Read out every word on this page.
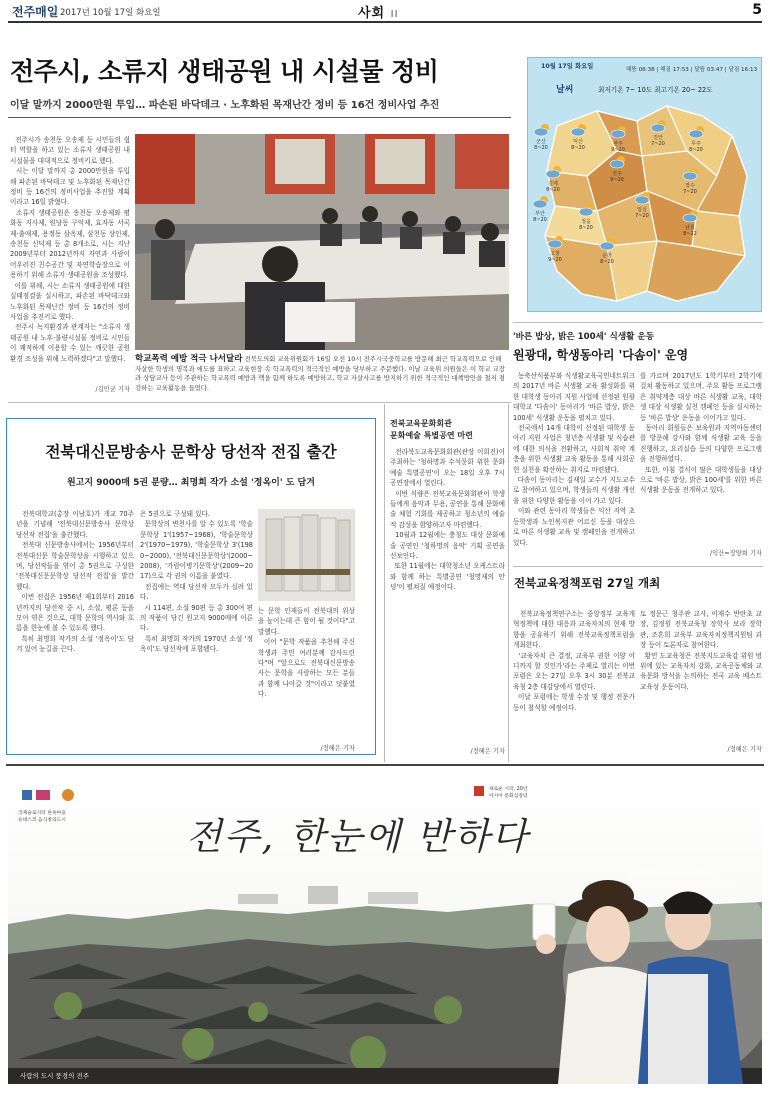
전주매일 2017년 10월 17일 화요일	사회 II	5
전주시, 소류지 생태공원 내 시설물 정비
이달 말까지 2000만원 투입… 파손된 바닥데크 · 노후화된 목재난간 정비 등 16건 정비사업 추진
전주시가 송천동 오송제 등 시민들의 쉼터 역할을 하고 있는 소류지 생태공원 내 시설물을 대대적으로 정비키로 했다.
시는 이달 말까지 총 2000만원을 투입해 파손된 바닥데크 및 노후화된 목재난간 정비 등 16건의 정비사업을 추진할 계획이라고 16일 밝혔다.
소류지 생태공원은 송천동 오송제와 평화동 지사제, 원당동 구억제, 효자동 서곡제·출애제, 용정동 삼옥제, 삼천동 상인제, 송천동 신덕제 등 총 8개소로, 시는 지난 2009년부터 2012년까지 자연과 사람이 어우러진 친수공간 및 자연학습장으로 이용하기 위해 소류지 생태공원을 조성했다.
이를 위해, 시는 소류지 생태공원에 대한 실태점검을 실시하고, 파손된 바닥데크와 노후화된 목재난간 정비 등 16건의 정비사업을 추진키로 했다.
전주시 녹지환경과 관계자는 "소류지 생태공원 내 노후·불량시설물 정비로 시민들이 쾌적하게 이용할 수 있는 깨끗한 공원환경 조성을 위해 노력하겠다"고 말했다.
/김민균 기자
학교폭력 예방 적극 나서달라 전북도의회 교육위원회가 16일 오전 10시 전주시국중학교를 방문해 최근 학교폭력으로 인해 자살한 학생의 명복과 애도를 표하고 교육현장 속 학교폭력의 적극적인 예방을 당부하고 주문했다. 이날 교육위 의원들은 이 학교 교장과 상담교사 등이 주관하는 학교폭력 예방과 맥을 함께 하도록 예방하고, 학교 자살사고를 방지하기 위한 적극적인 대책방안을 철저 점검하는 교육활동을 들었다.
10월 17일 화요일	해뜸 06:38 | 해짐 17:53 | 달뜸 03:47 | 달짐 16:13
날씨	최저기온 7~ 10도 최고기온 20~ 22도
군산
8~20
익산
8~20
완주
9~20
진안
7~20	무주
8~20
김제
8~20
전주
9~20
장수
7~20
부안
8~20	정읍
8~20
임실
7~20
남원
8~22
고창
9~20
순창
8~20
'바른 밥상, 밝은 100세' 식생활 운동
원광대, 학생동아리 '다솜이' 운영
농축산식품부와 식생활교육국민네트워크의 2017년 바른 식생활 교육 활성화를 위한 대학생 동아리 지원 사업에 선정된 원광대학교 '다솜이' 동아리가 '바른 밥상, 밝은 100세' 식생활 운동을 펼치고 있다.
전국에서 14개 대학이 선정된 대학생 동아리 지원 사업은 청년층 식생활 및 식습관에 대한 의식을 전환하고, 사회적 취약 계층을 위한 식생활 교육 활동을 통해 사회공헌 실천을 확산하는 취지로 마련됐다.
다솜이 동아리는 김재일 교수가 지도교수로 참여하고 있으며, 학생들의 식생활 개선을 위한 다양한 활동을 이어 가고 있다.
이와 관련 동아리 학생들은 익산 지역 초등학생과 노인복지관 어르신 등을 대상으로 바른 식생활 교육 및 캠페인을 전개하고 있다.
를 가르며 2017년도 1학기부터 2학기에 걸쳐 활동하고 있으며, 주요 활동 프로그램은 취약계층 대상 바른 식생활 교육, 대학생 대상 식생활 실천 캠페인 등을 실시하는 등 '바른 밥상' 운동을 이어가고 있다.
동아리 회원들은 보육원과 지역아동센터를 방문해 강사와 함께 식생활 교육 등을 진행하고, 요리실습 등의 다양한 프로그램을 진행하였다.
또한, 아침 결식이 많은 대학생들을 대상으로 '바른 밥상, 밝은 100세'를 위한 바른 식생활 운동을 전개하고 있다.
/익산=장양희 기자
전북대신문방송사 문학상 당선작 전집 출간
원고지 9000매 5권 분량… 최명희 작가 소설 '정옥이' 도 담겨
전북대학교(총장 이남호)가 개교 70주년을 기념해 '전북대신문방송사 문학상 당선작 전집'을 출간했다.
전북대 신문방송사에서는 1956년부터 전북대신문 학술문학상을 시행하고 있으며, 당선작들을 엮어 총 5권으로 구성한 '전북대신문문학상 당선작 전집'을 발간했다.
이번 전집은 1956년 제1회부터 2016년까지의 당선작 중 시, 소설, 평론 등을 모아 엮은 것으로, 대학 문학의 역사와 흐름을 한눈에 볼 수 있도록 했다.
특히 최명희 작가의 소설 '정옥이'도 담겨 있어 눈길을 끈다.
은 5권으로 구성돼 있다.
문학상의 변천사를 알 수 있도록 '학술문학상 1'(1957~1968), '학술문학상 2'(1970~1979), '학술문학상 3'(1980~2000), '전북대신문문학상'(2000~2008), '가람이병기문학상'(2009~2017)으로 각 권의 이름을 붙였다.
전집에는 역대 당선작 모두가 실려 있다.
시 114편, 소설 90편 등 총 300여 편의 작품이 담긴 원고지 9000매에 이른다.
특히 최명희 작가의 1970년 소설 '정옥이'도 당선작에 포함됐다.
는 문학 인재들이 전북대의 위상을 높이는데 큰 힘이 될 것이다"고 말했다.
이어 "문학 작품을 추천해 주신 학생과 주민 여러분께 감사드린다"며 "앞으로도 전북대신문방송사는 문학을 사랑하는 모든 분들과 함께 나아갈 것"이라고 덧붙였다.
/정혜은 기자
전북교육문화회관
문화예술 특별공연 마련
전라북도교육문화회관(관장 이희진)이 주최하는 '청하명과 수석문화 위한 문화예술 특별공연'이 오는 18일 오후 7시 공연장에서 열린다.
이번 식량은 전북교육문화회관이 학생들에게 음악과 무용, 공연을 통해 문화예술 체험 기회를 제공하고 청소년의 예술적 감성을 함양하고자 마련했다.
10월과 12월에는 충청도 대상 문화예술 공연인 '청하명의 음악' 기획 공연을 선보인다.
또한 11월에는 대학청소년 오케스트라와 함께 하는 특별공연 '청명재의 안녕'이 펼쳐질 예정이다.
/정혜은 기자
전북교육정책포럼 27일 개최
전북교육정책연구소는 중앙정부 교육개혁정책에 대한 대응과 교육자치의 현재 방향을 공유하기 위해 전북교육정책포럼을 개최한다.
'교육자치 큰 결정, 교육부 권한 이양 어디까지 할 것인가'라는 주제로 열리는 이번 포럼은 오는 27일 오후 3시 30분 전북교육청 2층 대강당에서 열린다.
이날 포럼에는 학생 수장 및 행정 전문가 등이 참석할 예정이다.
토 정문근 청주관 교사, 이재수 반란초 교장, 김정원 전북교육청 장학사 보라 장학관, 조흔희 교육부 교육자치정책지원팀 과장 등이 토론자로 참여한다.
황민 도교육청은 전북지도교육감 위원 범위에 있는 교육자치 강화, 교육공동체와 교육문화 방식을 논의하는 전국 교육 베스트교육성 운동이다.
/정혜은 기자
국제슬로시티 한옥마을
유네스코 음식창의도시
새로운 시작, 20년
아시아 문화심장터
전주, 한눈에 반하다
사람의 도시 풍경의 전주
